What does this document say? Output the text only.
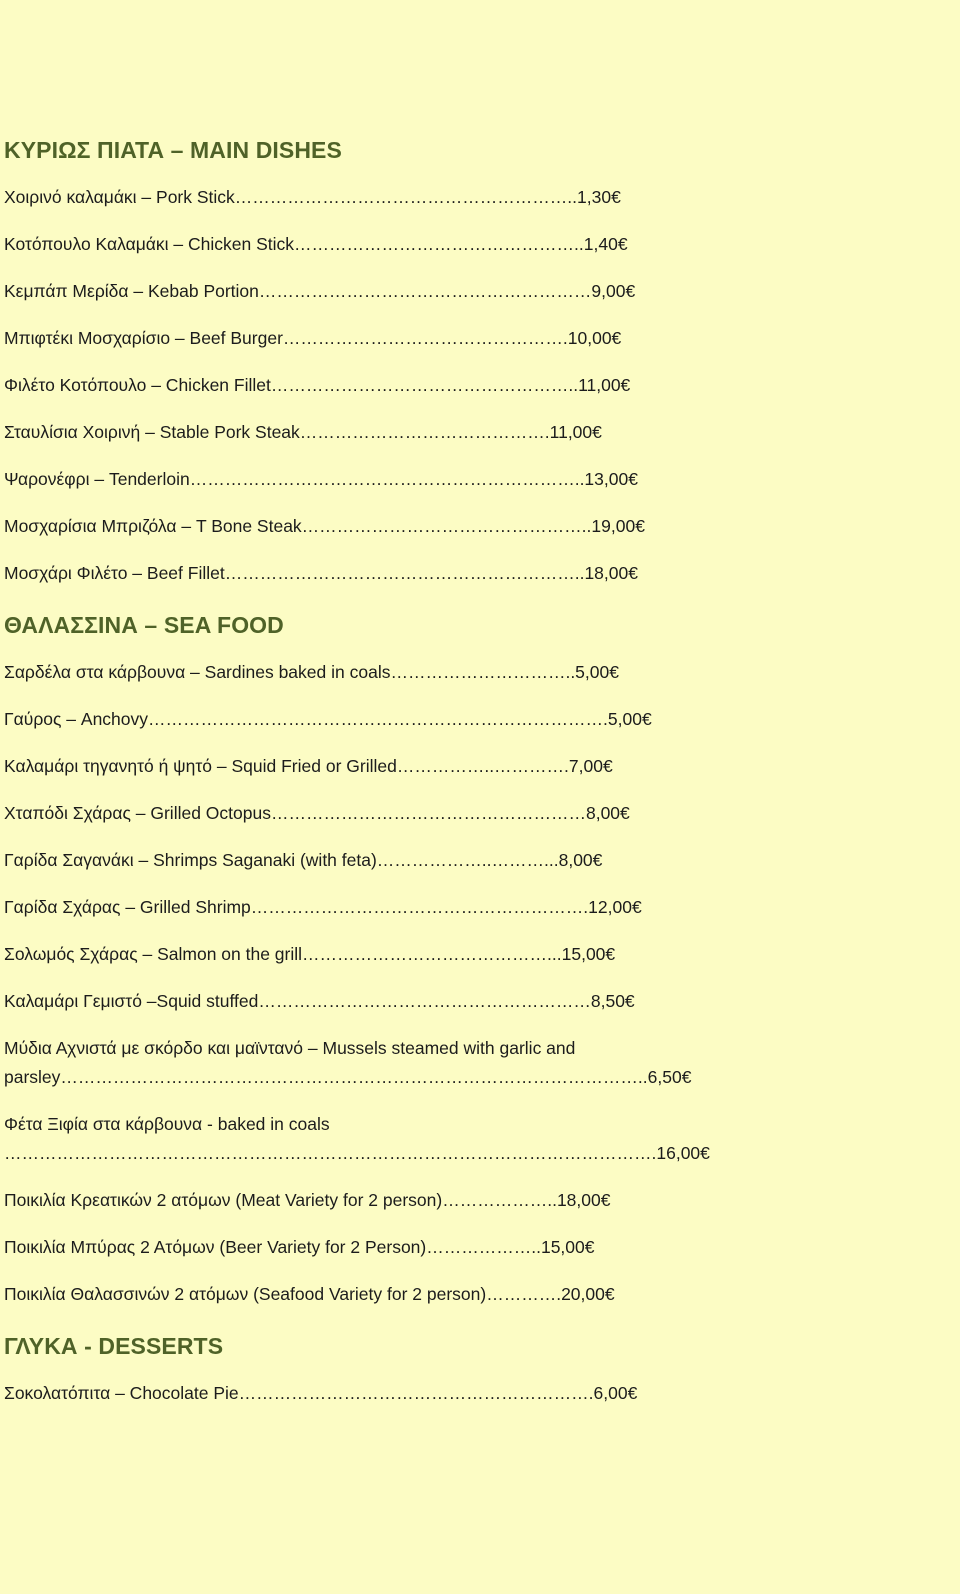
ΚΥΡΙΩΣ ΠΙΑΤΑ – MAIN DISHES
Χοιρινό καλαμάκι – Pork Stick…………………………………………………..1,30€
Κοτόπουλο Καλαμάκι – Chicken Stick…………………………………………..1,40€
Κεμπάπ Μερίδα – Kebab Portion…………………………………………………9,00€
Μπιφτέκι Μοσχαρίσιο – Beef Burger………………………………………….10,00€
Φιλέτο Κοτόπουλο – Chicken Fillet……………………………………………..11,00€
Σταυλίσια Χοιρινή – Stable Pork Steak…………………………………….11,00€
Ψαρονέφρι – Tenderloin…………………………………………………………..13,00€
Μοσχαρίσια Μπριζόλα – T Bone Steak…………………………………………..19,00€
Μοσχάρι Φιλέτο – Beef Fillet……………………………………………………..18,00€
ΘΑΛΑΣΣΙΝΑ – SEA FOOD
Σαρδέλα στα κάρβουνα – Sardines baked in coals…………………………..5,00€
Γαύρος – Anchovy…………………………………………………………………….5,00€
Καλαμάρι τηγανητό ή ψητό – Squid Fried or Grilled……………..………….7,00€
Χταπόδι Σχάρας – Grilled Octopus………………………………………………8,00€
Γαρίδα Σαγανάκι – Shrimps Saganaki (with feta)………………..………...8,00€
Γαρίδα Σχάρας – Grilled Shrimp………………………………………………….12,00€
Σολωμός Σχάρας – Salmon on the grill……………………………………...15,00€
Καλαμάρι Γεμιστό –Squid stuffed…………………………………………………8,50€
Μύδια Αχνιστά με σκόρδο και μαϊντανό – Mussels steamed with garlic and parsley………………………………………………………………………………………..6,50€
Φέτα Ξιφία στα κάρβουνα - baked in coals ………………………………………………………………………………………………….16,00€
Ποικιλία Κρεατικών 2 ατόμων (Meat Variety for 2 person)………………..18,00€
Ποικιλία Μπύρας 2 Ατόμων (Beer Variety for 2 Person)………………..15,00€
Ποικιλία Θαλασσινών 2 ατόμων (Seafood Variety for 2 person)………….20,00€
ΓΛΥΚΑ - DESSERTS
Σοκολατόπιτα – Chocolate Pie…………………………………………………….6,00€
